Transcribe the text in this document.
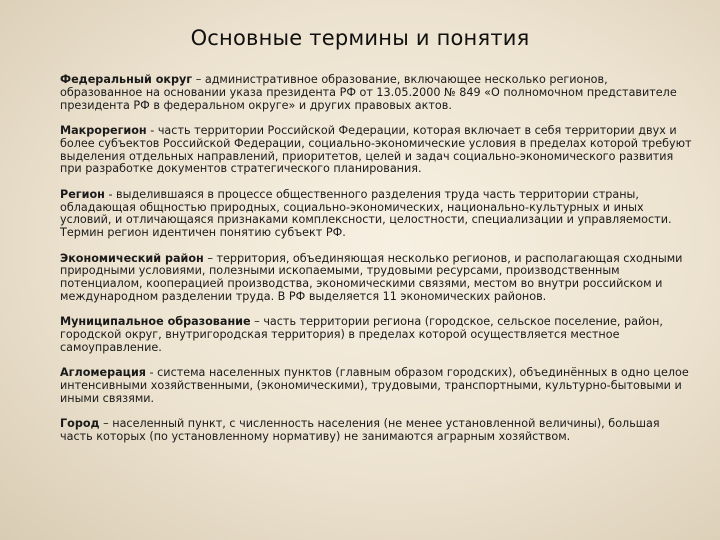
Основные термины и понятия

Федеральный округ – административное образование, включающее несколько регионов, образованное на основании указа президента РФ от 13.05.2000 № 849 «О полномочном представителе президента РФ в федеральном округе» и других правовых актов.

Макрорегион - часть территории Российской Федерации, которая включает в себя территории двух и более субъектов Российской Федерации, социально-экономические условия в пределах которой требуют выделения отдельных направлений, приоритетов, целей и задач социально-экономического развития при разработке документов стратегического планирования.

Регион - выделившаяся в процессе общественного разделения труда часть территории страны, обладающая общностью природных, социально-экономических, национально-культурных и иных условий, и отличающаяся признаками комплексности, целостности, специализации и управляемости. Термин регион идентичен понятию субъект РФ.

Экономический район – территория, объединяющая несколько регионов, и располагающая сходными природными условиями, полезными ископаемыми, трудовыми ресурсами, производственным потенциалом, кооперацией производства, экономическими связями, местом во внутри российском и международном разделении труда. В РФ выделяется 11 экономических районов.

Муниципальное образование – часть территории региона (городское, сельское поселение, район, городской округ, внутригородская территория) в пределах которой осуществляется местное самоуправление.

Агломерация - система населенных пунктов (главным образом городских), объединённых в одно целое интенсивными хозяйственными, (экономическими), трудовыми, транспортными, культурно-бытовыми и иными связями.

Город – населенный пункт, с численность населения (не менее установленной величины), большая часть которых (по установленному нормативу) не занимаются аграрным хозяйством.
